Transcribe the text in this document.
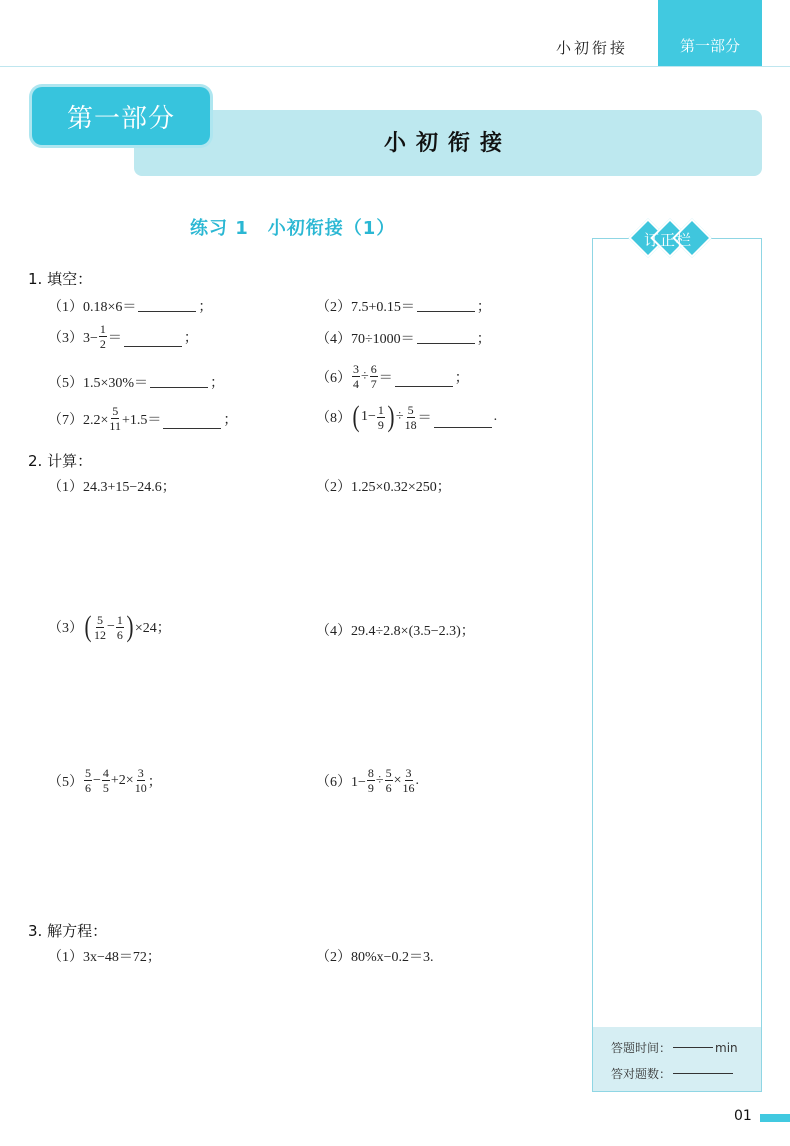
小初衔接	第一部分
小初衔接
第一部分
练习 1　小初衔接（1）
答题时间：	min
答对题数：
订正栏
1. 填空：
（1）0.18×6＝	；	（2）7.5+0.15＝	；
$(3)3- \frac{1}{2}$ ＝	；	（4）70÷1000＝	；
（5）1.5×30%＝	；	$(6) \frac{3}{4} \div \frac{6}{7}$ ＝	；
$(7)2.2\times \frac{5}{11} +1.5=$	；	（8） ( $1- \frac{1}{9}$ ) ÷ $\frac{5}{18}$ ＝	.
2. 计算：
（1）24.3+15−24.6；	（2）1.25×0.32×250；
（3） ( $\frac{5}{12} - \frac{1}{6}$ ) ×24；	（4）29.4÷2.8×(3.5−2.3)；
$(5) \frac{5}{6} - \frac{4}{5} +2\times \frac{3}{10}$ ；	$(6)1- \frac{8}{9} \div \frac{5}{6} \times \frac{3}{16}$ .
3. 解方程：
（1）3x−48＝72；	（2）80%x−0.2＝3.
01
